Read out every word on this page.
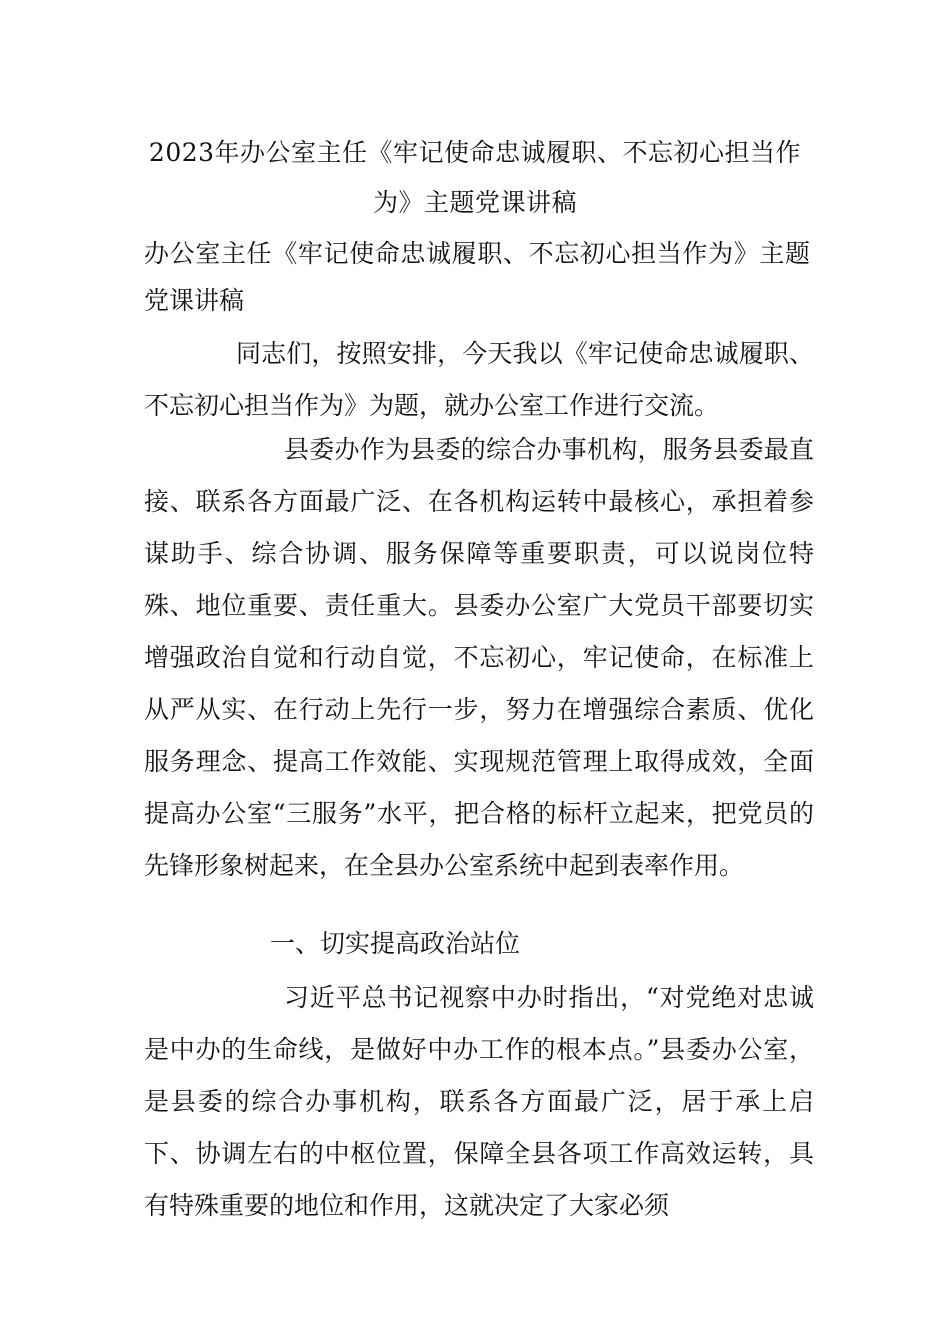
2023年办公室主任《牢记使命忠诚履职、不忘初心担当作为》主题党课讲稿
办公室主任《牢记使命忠诚履职、不忘初心担当作为》主题党课讲稿
同志们，按照安排，今天我以《牢记使命忠诚履职、不忘初心担当作为》为题，就办公室工作进行交流。
县委办作为县委的综合办事机构，服务县委最直接、联系各方面最广泛、在各机构运转中最核心，承担着参谋助手、综合协调、服务保障等重要职责，可以说岗位特殊、地位重要、责任重大。县委办公室广大党员干部要切实增强政治自觉和行动自觉，不忘初心，牢记使命，在标准上从严从实、在行动上先行一步，努力在增强综合素质、优化服务理念、提高工作效能、实现规范管理上取得成效，全面提高办公室“三服务”水平，把合格的标杆立起来，把党员的先锋形象树起来，在全县办公室系统中起到表率作用。
一、切实提高政治站位
习近平总书记视察中办时指出，“对党绝对忠诚是中办的生命线，是做好中办工作的根本点。”县委办公室，是县委的综合办事机构，联系各方面最广泛，居于承上启下、协调左右的中枢位置，保障全县各项工作高效运转，具有特殊重要的地位和作用，这就决定了大家必须
